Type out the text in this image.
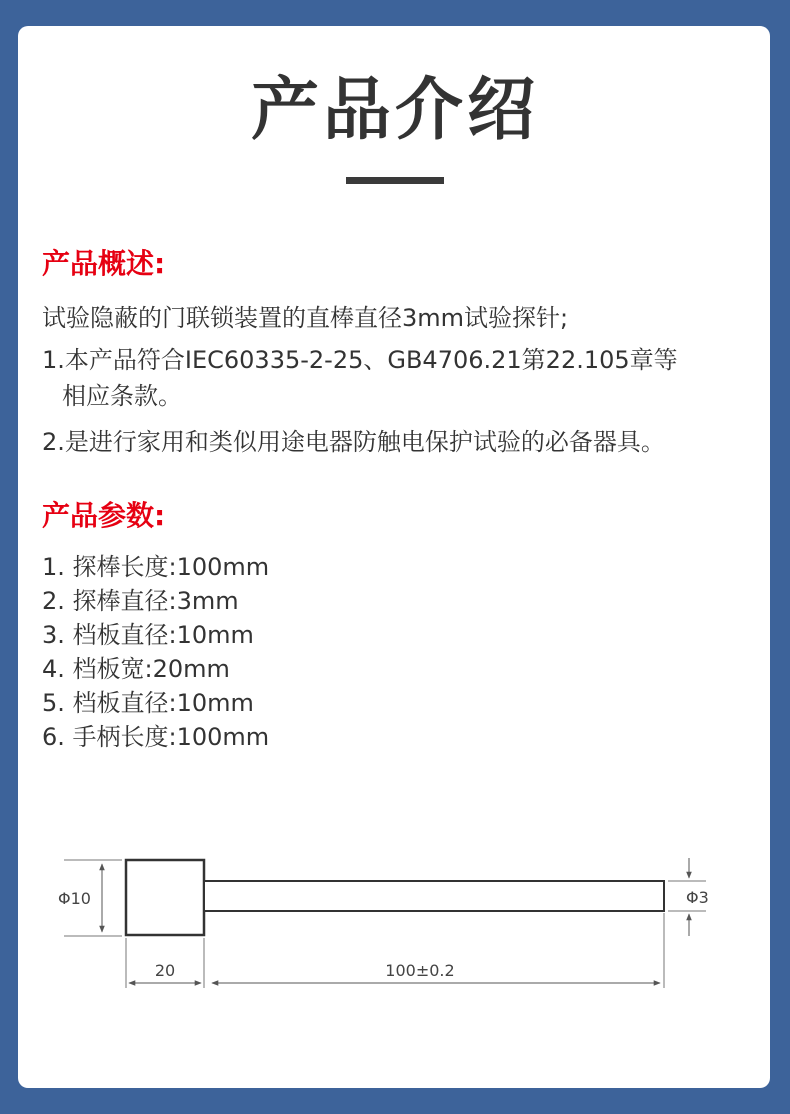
产品介绍
产品概述:

试验隐蔽的门联锁装置的直棒直径3mm试验探针;

1.本产品符合IEC60335-2-25、GB4706.21第22.105章等

相应条款。

2.是进行家用和类似用途电器防触电保护试验的必备器具。

产品参数:
1. 探棒长度:100mm
2. 探棒直径:3mm
3. 档板直径:10mm
4. 档板宽:20mm
5. 档板直径:10mm
6. 手柄长度:100mm
Φ10	Φ3
20	100±0.2
